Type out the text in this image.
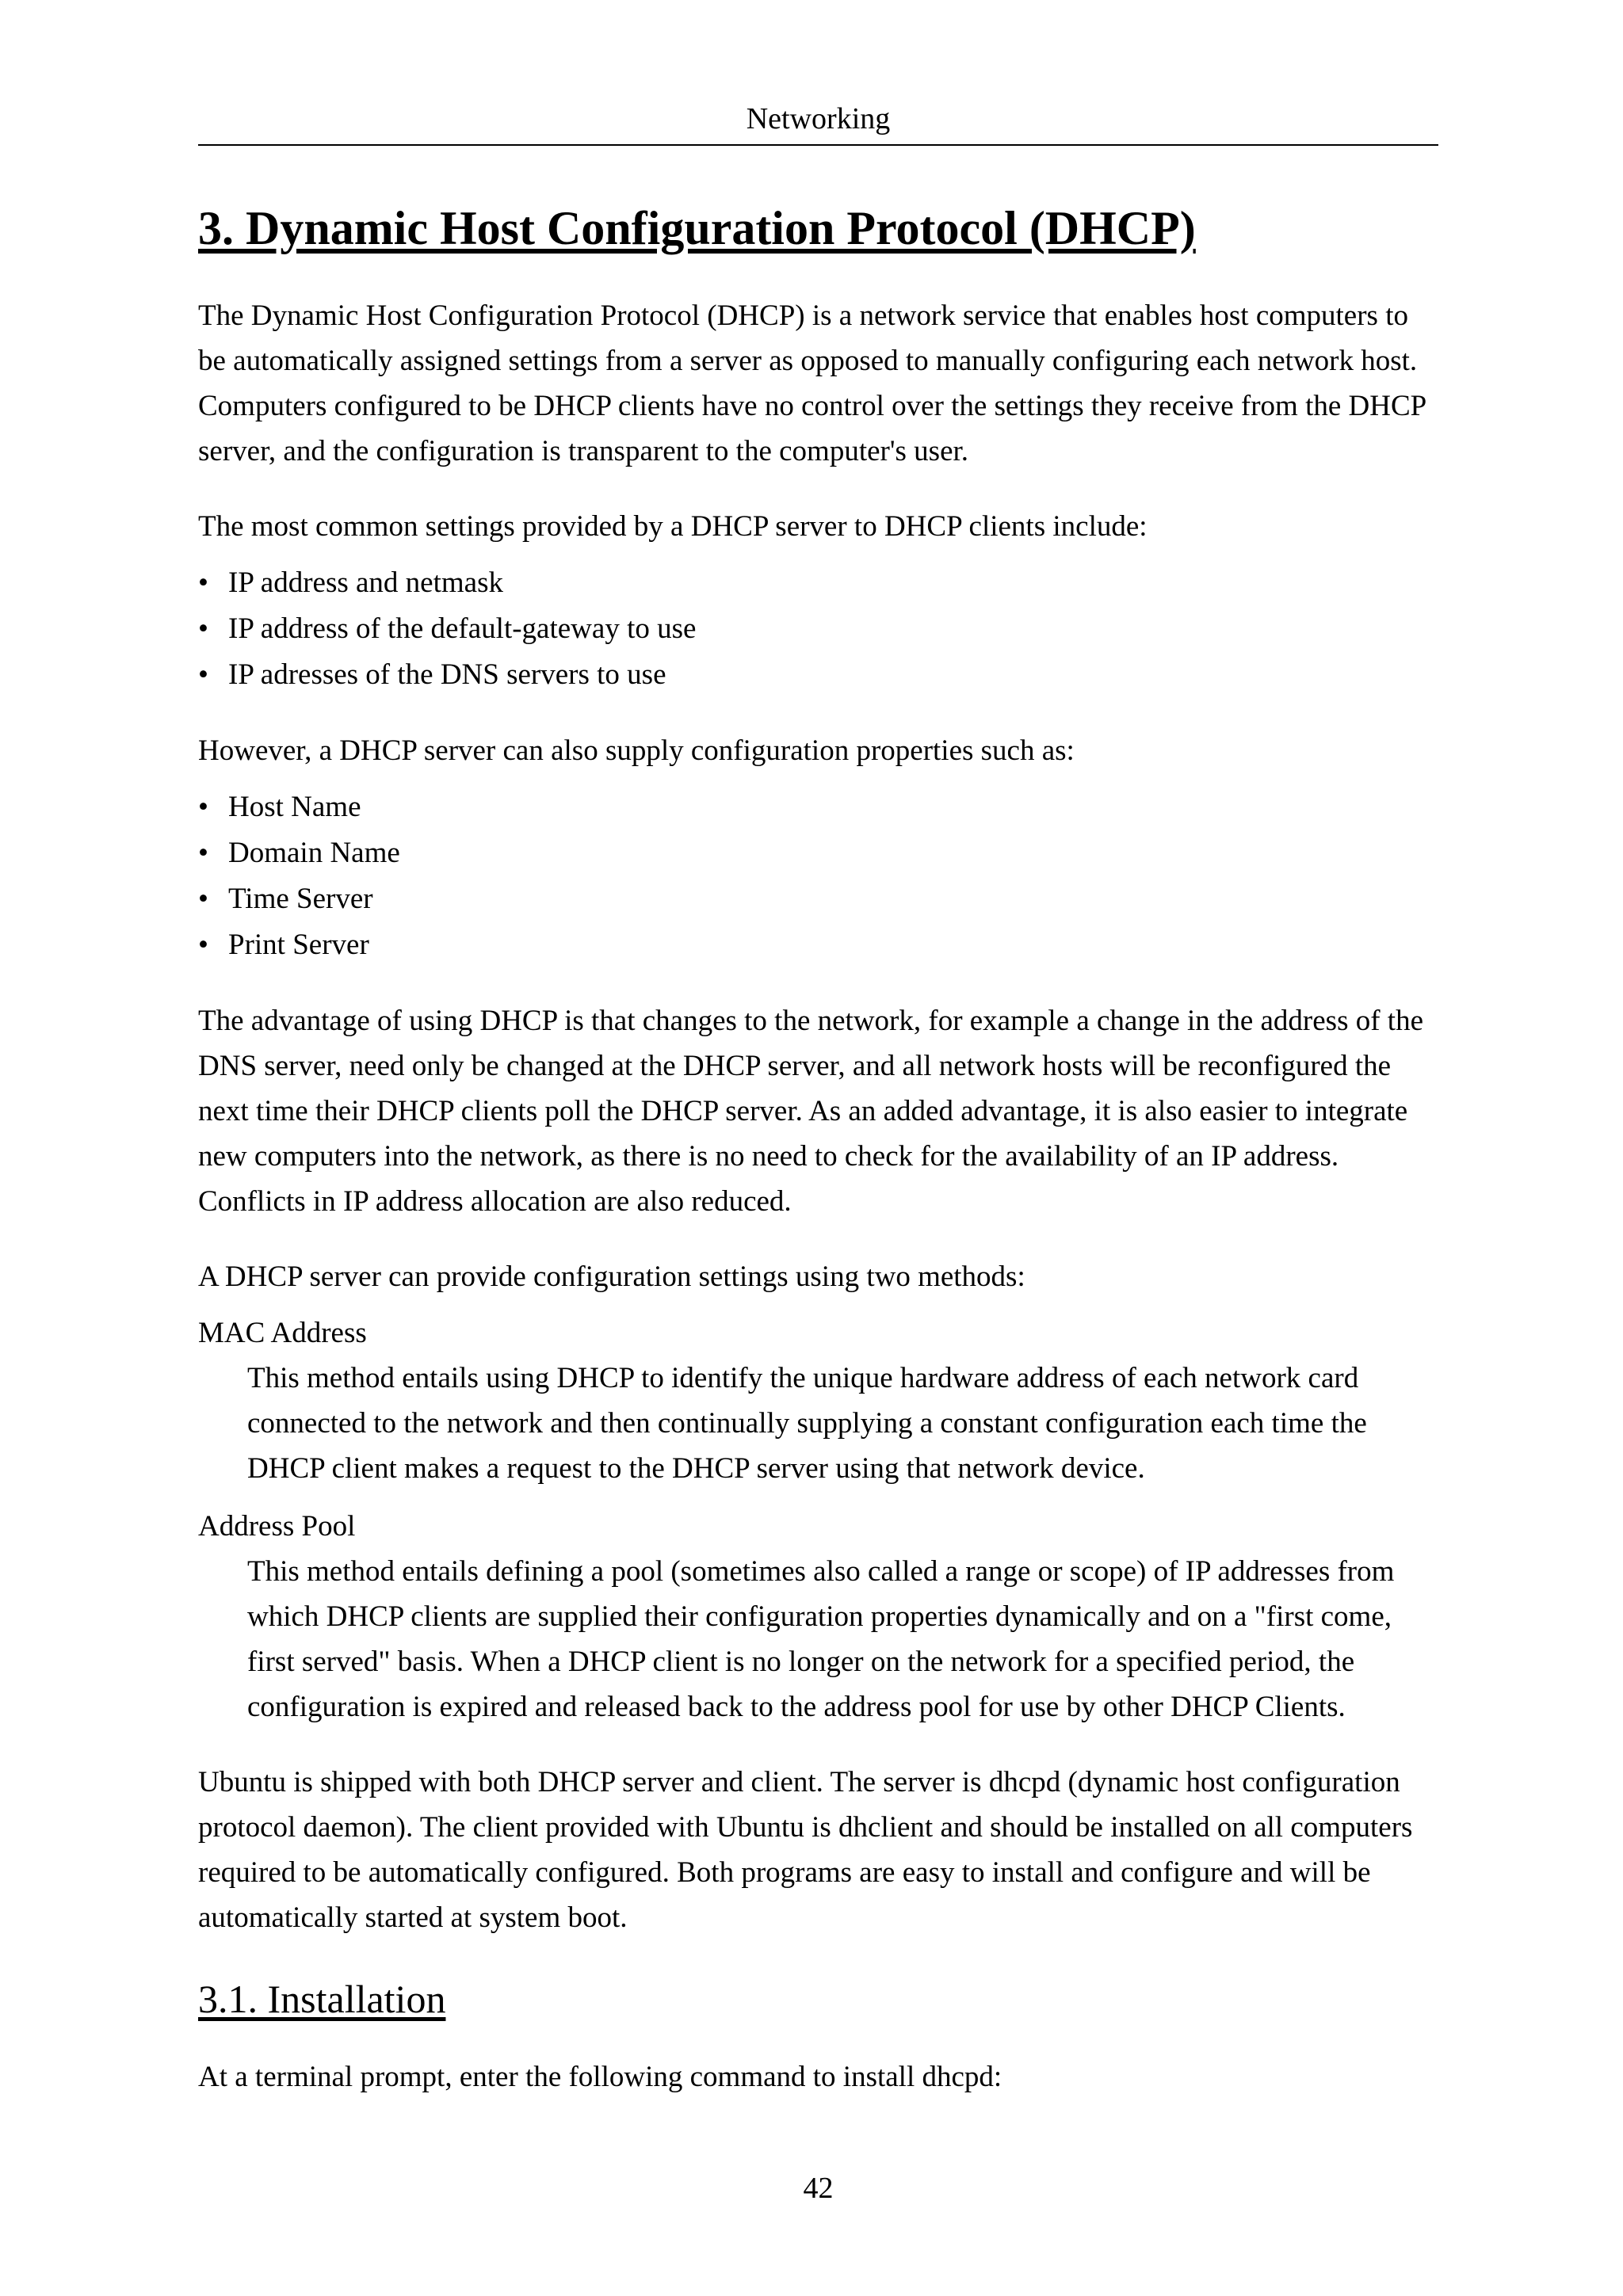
Networking
3. Dynamic Host Configuration Protocol (DHCP)

The Dynamic Host Configuration Protocol (DHCP) is a network service that enables host computers to be automatically assigned settings from a server as opposed to manually configuring each network host. Computers configured to be DHCP clients have no control over the settings they receive from the DHCP server, and the configuration is transparent to the computer's user.

The most common settings provided by a DHCP server to DHCP clients include:

• IP address and netmask
• IP address of the default-gateway to use
• IP adresses of the DNS servers to use

However, a DHCP server can also supply configuration properties such as:

• Host Name
• Domain Name
• Time Server
• Print Server

The advantage of using DHCP is that changes to the network, for example a change in the address of the DNS server, need only be changed at the DHCP server, and all network hosts will be reconfigured the next time their DHCP clients poll the DHCP server. As an added advantage, it is also easier to integrate new computers into the network, as there is no need to check for the availability of an IP address. Conflicts in IP address allocation are also reduced.

A DHCP server can provide configuration settings using two methods:

MAC Address
This method entails using DHCP to identify the unique hardware address of each network card connected to the network and then continually supplying a constant configuration each time the DHCP client makes a request to the DHCP server using that network device.
Address Pool
This method entails defining a pool (sometimes also called a range or scope) of IP addresses from which DHCP clients are supplied their configuration properties dynamically and on a "first come, first served" basis. When a DHCP client is no longer on the network for a specified period, the configuration is expired and released back to the address pool for use by other DHCP Clients.

Ubuntu is shipped with both DHCP server and client. The server is dhcpd (dynamic host configuration protocol daemon). The client provided with Ubuntu is dhclient and should be installed on all computers required to be automatically configured. Both programs are easy to install and configure and will be automatically started at system boot.

3.1. Installation

At a terminal prompt, enter the following command to install dhcpd:

42
